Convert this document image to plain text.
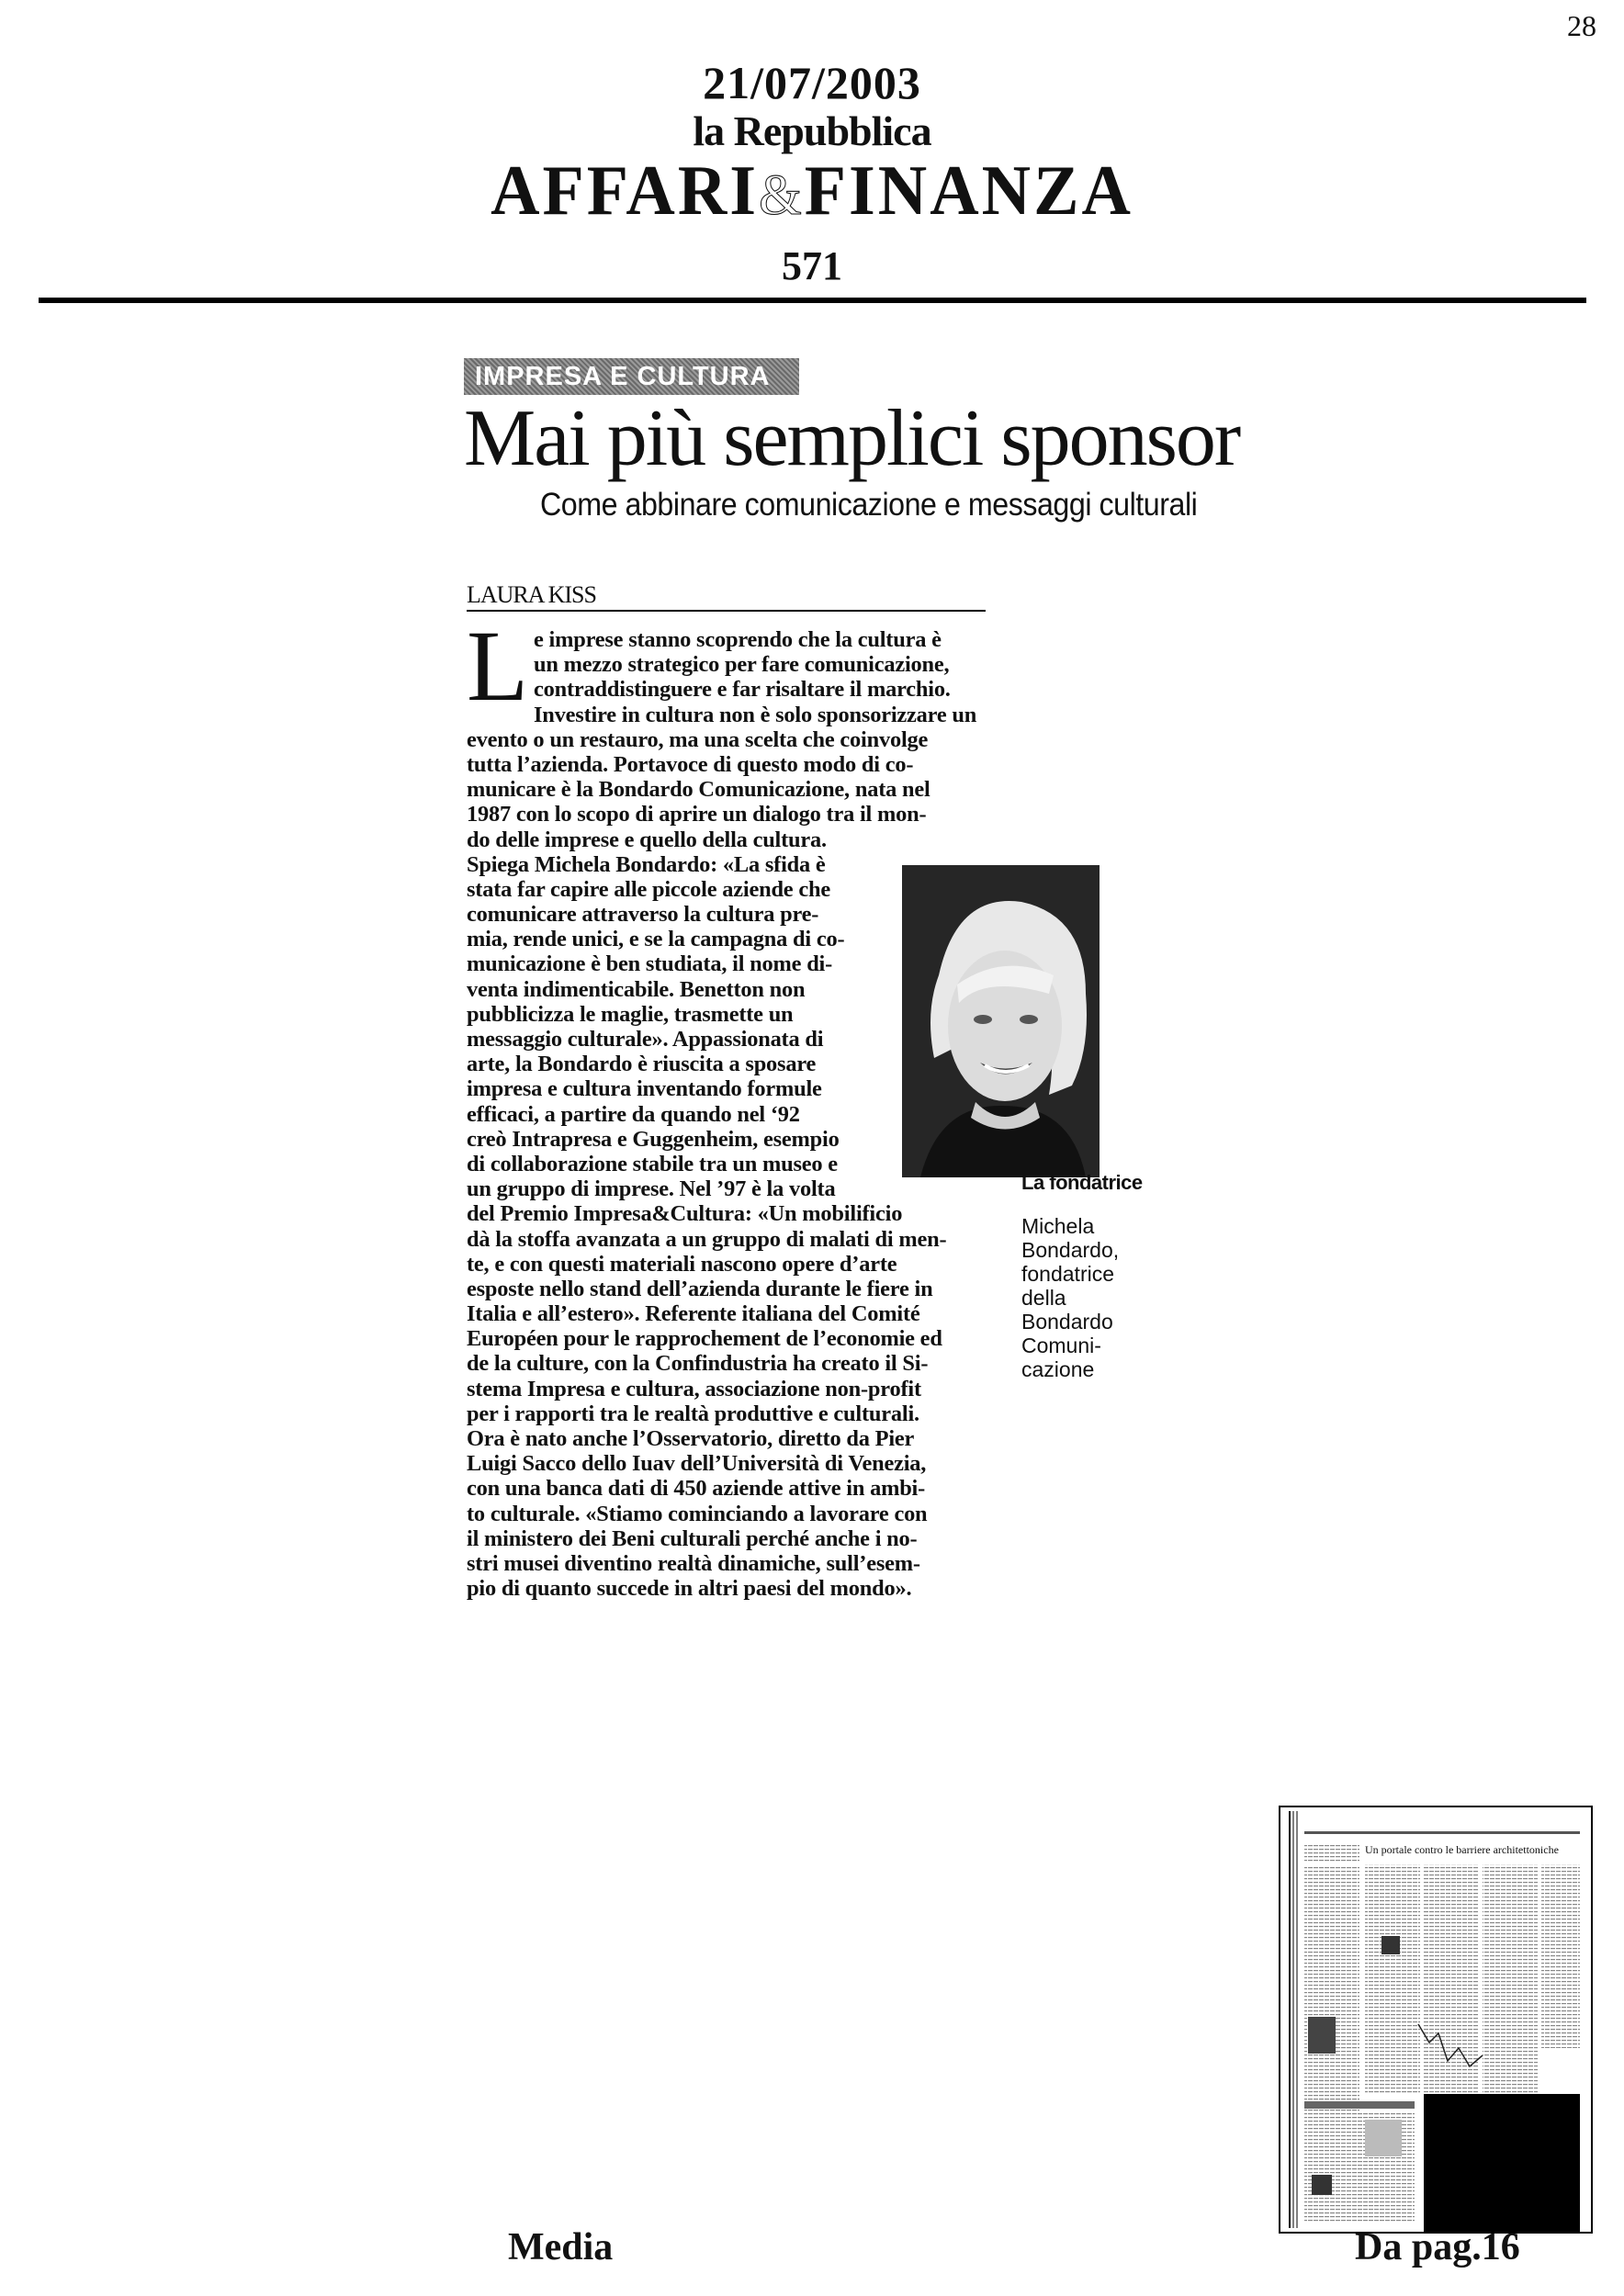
28
21/07/2003
la Repubblica
AFFARI&FINANZA
571
IMPRESA E CULTURA
Mai più semplici sponsor
Come abbinare comunicazione e messaggi culturali
LAURA KISS
L e imprese stanno scoprendo che la cultura è
un mezzo strategico per fare comunicazione,
contraddistinguere e far risaltare il marchio.
Investire in cultura non è solo sponsorizzare un
evento o un restauro, ma una scelta che coinvolge
tutta l’azienda. Portavoce di questo modo di co-
municare è la Bondardo Comunicazione, nata nel
1987 con lo scopo di aprire un dialogo tra il mon-
do delle imprese e quello della cultura.
Spiega Michela Bondardo: «La sfida è
stata far capire alle piccole aziende che
comunicare attraverso la cultura pre-
mia, rende unici, e se la campagna di co-
municazione è ben studiata, il nome di-
venta indimenticabile. Benetton non
pubblicizza le maglie, trasmette un
messaggio culturale». Appassionata di
arte, la Bondardo è riuscita a sposare
impresa e cultura inventando formule
efficaci, a partire da quando nel ‘92
creò Intrapresa e Guggenheim, esempio
di collaborazione stabile tra un museo e
un gruppo di imprese. Nel ’97 è la volta
del Premio Impresa&Cultura: «Un mobilificio
dà la stoffa avanzata a un gruppo di malati di men-
te, e con questi materiali nascono opere d’arte
esposte nello stand dell’azienda durante le fiere in
Italia e all’estero». Referente italiana del Comité
Européen pour le rapprochement de l’economie ed
de la culture, con la Confindustria ha creato il Si-
stema Impresa e cultura, associazione non-profit
per i rapporti tra le realtà produttive e culturali.
Ora è nato anche l’Osservatorio, diretto da Pier
Luigi Sacco dello Iuav dell’Università di Venezia,
con una banca dati di 450 aziende attive in ambi-
to culturale. «Stiamo cominciando a lavorare con
il ministero dei Beni culturali perché anche i no-
stri musei diventino realtà dinamiche, sull’esem-
pio di quanto succede in altri paesi del mondo».
La fondatrice
Michela Bondardo, fondatrice della Bondardo Comuni-cazione
Un portale contro le barriere architettoniche
Media	Da pag.16
